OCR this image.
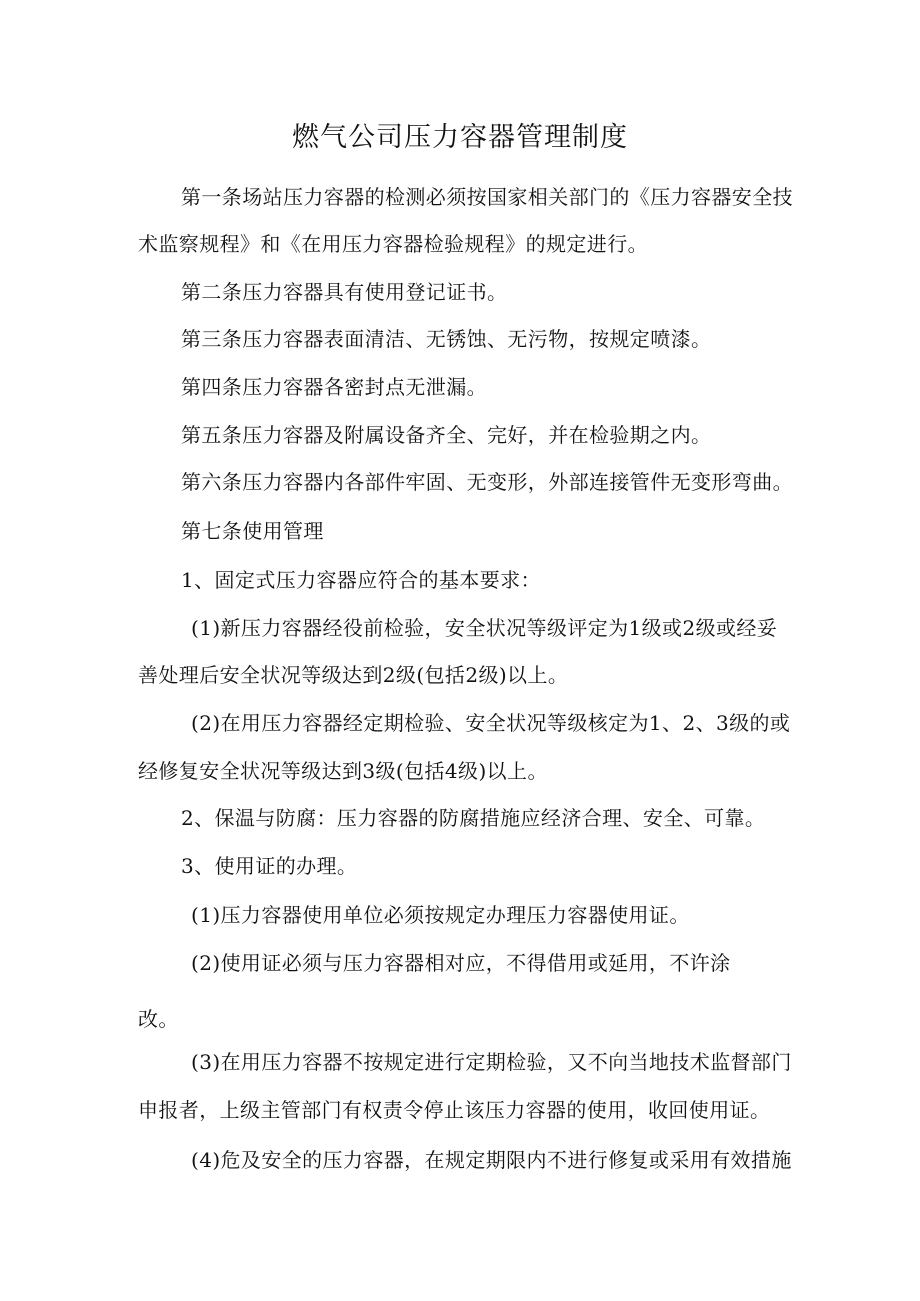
燃气公司压力容器管理制度

第一条场站压力容器的检测必须按国家相关部门的《压力容器安全技

术监察规程》和《在用压力容器检验规程》的规定进行。

第二条压力容器具有使用登记证书。

第三条压力容器表面清洁、无锈蚀、无污物，按规定喷漆。

第四条压力容器各密封点无泄漏。

第五条压力容器及附属设备齐全、完好，并在检验期之内。

第六条压力容器内各部件牢固、无变形，外部连接管件无变形弯曲。

第七条使用管理

1、固定式压力容器应符合的基本要求：

(1)新压力容器经役前检验，安全状况等级评定为1级或2级或经妥

善处理后安全状况等级达到2级(包括2级)以上。

(2)在用压力容器经定期检验、安全状况等级核定为1、2、3级的或

经修复安全状况等级达到3级(包括4级)以上。

2、保温与防腐：压力容器的防腐措施应经济合理、安全、可靠。

3、使用证的办理。

(1)压力容器使用单位必须按规定办理压力容器使用证。

(2)使用证必须与压力容器相对应，不得借用或延用，不许涂

改。

(3)在用压力容器不按规定进行定期检验，又不向当地技术监督部门

申报者，上级主管部门有权责令停止该压力容器的使用，收回使用证。

(4)危及安全的压力容器，在规定期限内不进行修复或采用有效措施
